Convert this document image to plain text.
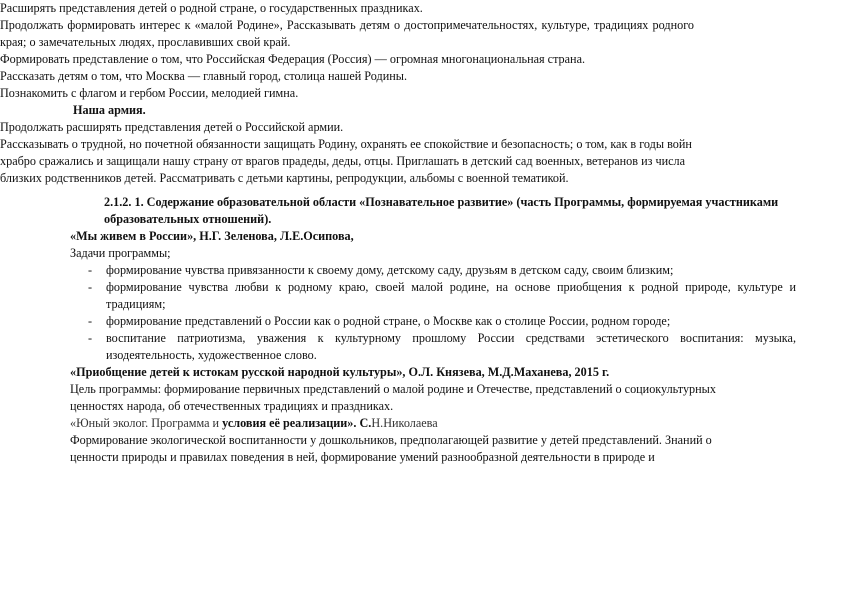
• Расширять представления детей о родной стране, о государственных праздниках.
• Продолжать формировать интерес к «малой Родине», Рассказывать детям о достопримечательностях, культуре, традициях родного края; о замечательных людях, прославивших свой край.
• Формировать представление о том, что Российская Федерация (Россия) — огромная многонациональная страна.
• Рассказать детям о том, что Москва — главный город, столица нашей Родины.
• Познакомить с флагом и гербом России, мелодией гимна.
Наша армия.
• Продолжать расширять представления детей о Российской армии.
• Рассказывать о трудной, но почетной обязанности защищать Родину, охранять ее спокойствие и безопасность; о том, как в годы войн храбро сражались и защищали нашу страну от врагов прадеды, деды, отцы. Приглашать в детский сад военных, ветеранов из числа близких родственников детей. Рассматривать с детьми картины, репродукции, альбомы с военной тематикой.
2.1.2. 1. Содержание образовательной области «Познавательное развитие» (часть Программы, формируемая участниками образовательных отношений).
«Мы живем в России», Н.Г. Зеленова, Л.Е.Осипова,
Задачи программы;
- формирование чувства привязанности к своему дому, детскому саду, друзьям в детском саду, своим близким;
- формирование чувства любви к родному краю, своей малой родине, на основе приобщения к родной природе, культуре и традициям;
- формирование представлений о России как о родной стране, о Москве как о столице России, родном городе;
- воспитание патриотизма, уважения к культурному прошлому России средствами эстетического воспитания: музыка, изодеятельность, художественное слово.
«Приобщение детей к истокам русской народной культуры», О.Л. Князева, М.Д.Маханева, 2015 г.
Цель программы: формирование первичных представлений о малой родине и Отечестве, представлений о социокультурных ценностях народа, об отечественных традициях и праздниках.
«Юный эколог. Программа и условия её реализации». С.Н.Николаева
Формирование экологической воспитанности у дошкольников, предполагающей развитие у детей представлений. Знаний о ценности природы и правилах поведения в ней, формирование умений разнообразной деятельности в природе и
